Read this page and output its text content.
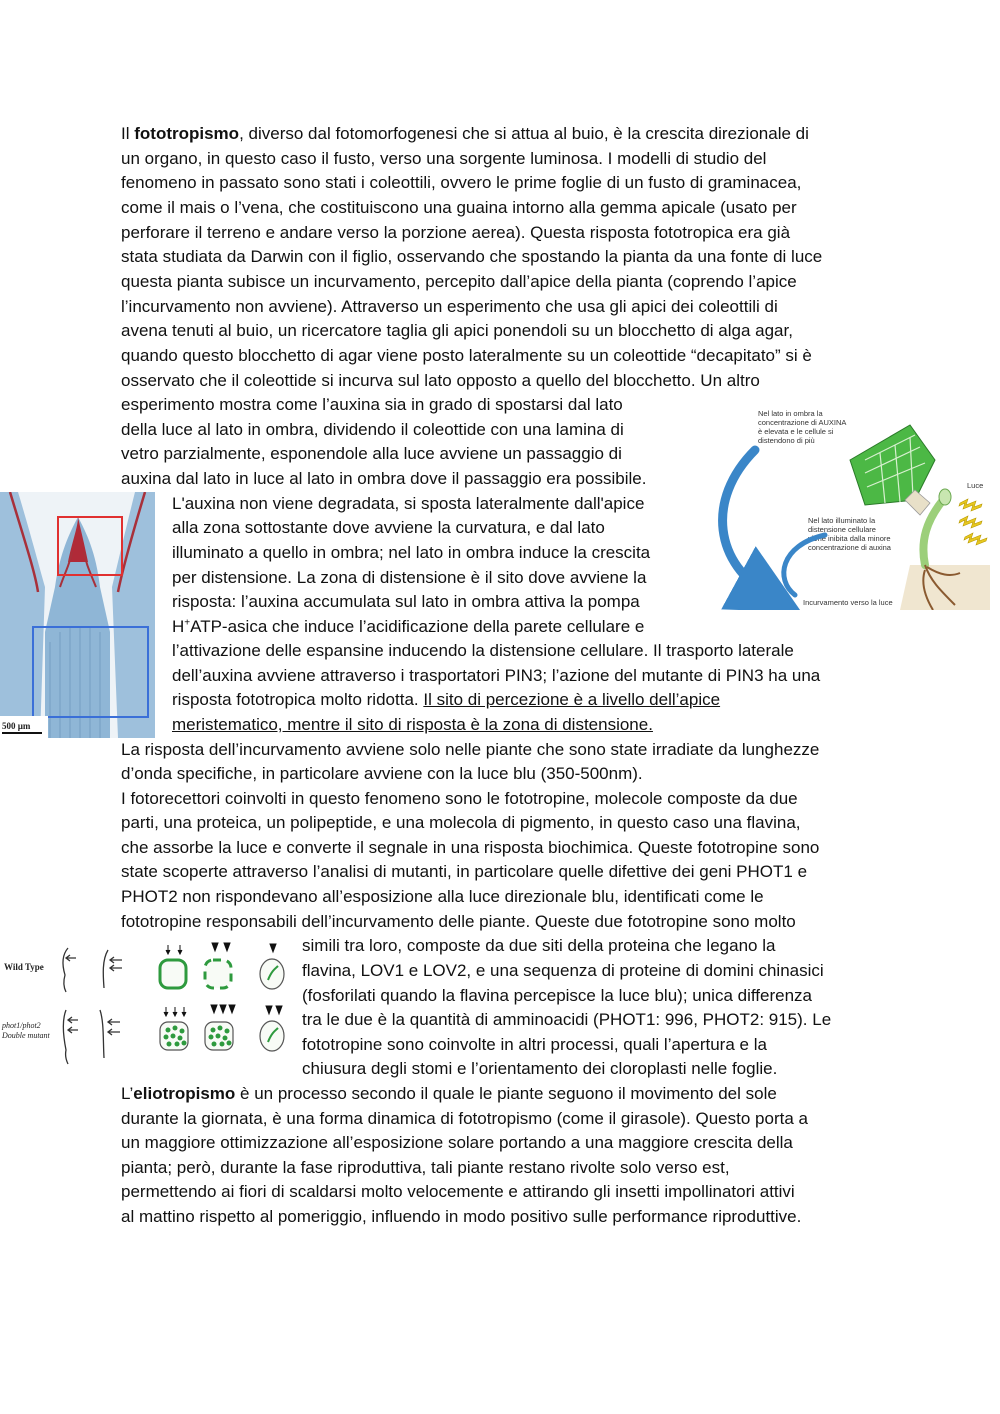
Il fototropismo, diverso dal fotomorfogenesi che si attua al buio, è la crescita direzionale di
un organo, in questo caso il fusto, verso una sorgente luminosa. I modelli di studio del
fenomeno in passato sono stati i coleottili, ovvero le prime foglie di un fusto di graminacea,
come il mais o l’vena, che costituiscono una guaina intorno alla gemma apicale (usato per
perforare il terreno e andare verso la porzione aerea). Questa risposta fototropica era già
stata studiata da Darwin con il figlio, osservando che spostando la pianta da una fonte di luce
questa pianta subisce un incurvamento, percepito dall’apice della pianta (coprendo l’apice
l’incurvamento non avviene). Attraverso un esperimento che usa gli apici dei coleottili di
avena tenuti al buio, un ricercatore taglia gli apici ponendoli su un blocchetto di alga agar,
quando questo blocchetto di agar viene posto lateralmente su un coleottide “decapitato” si è
osservato che il coleottide si incurva sul lato opposto a quello del blocchetto. Un altro
esperimento mostra come l’auxina sia in grado di spostarsi dal lato
della luce al lato in ombra, dividendo il coleottide con una lamina di
vetro parzialmente, esponendole alla luce avviene un passaggio di
auxina dal lato in luce al lato in ombra dove il passaggio era possibile.
L'auxina non viene degradata, si sposta lateralmente dall'apice
alla zona sottostante dove avviene la curvatura, e dal lato
illuminato a quello in ombra; nel lato in ombra induce la crescita
per distensione. La zona di distensione è il sito dove avviene la
risposta: l’auxina accumulata sul lato in ombra attiva la pompa
H+ATP-asica che induce l’acidificazione della parete cellulare e
l’attivazione delle espansine inducendo la distensione cellulare. Il trasporto laterale
dell’auxina avviene attraverso i trasportatori PIN3; l’azione del mutante di PIN3 ha una
risposta fototropica molto ridotta. Il sito di percezione è a livello dell’apice
meristematico, mentre il sito di risposta è la zona di distensione.
La risposta dell’incurvamento avviene solo nelle piante che sono state irradiate da lunghezze
d’onda specifiche, in particolare avviene con la luce blu (350-500nm).
I fotorecettori coinvolti in questo fenomeno sono le fototropine, molecole composte da due
parti, una proteica, un polipeptide, e una molecola di pigmento, in questo caso una flavina,
che assorbe la luce e converte il segnale in una risposta biochimica. Queste fototropine sono
state scoperte attraverso l’analisi di mutanti, in particolare quelle difettive dei geni PHOT1 e
PHOT2 non rispondevano all’esposizione alla luce direzionale blu, identificati come le
fototropine responsabili dell’incurvamento delle piante. Queste due fototropine sono molto
simili tra loro, composte da due siti della proteina che legano la
flavina, LOV1 e LOV2, e una sequenza di proteine di domini chinasici
(fosforilati quando la flavina percepisce la luce blu); unica differenza
tra le due è la quantità di amminoacidi (PHOT1: 996, PHOT2: 915). Le
fototropine sono coinvolte in altri processi, quali l’apertura e la
chiusura degli stomi e l’orientamento dei cloroplasti nelle foglie.
L’eliotropismo è un processo secondo il quale le piante seguono il movimento del sole
durante la giornata, è una forma dinamica di fototropismo (come il girasole). Questo porta a
un maggiore ottimizzazione all’esposizione solare portando a una maggiore crescita della
pianta; però, durante la fase riproduttiva, tali piante restano rivolte solo verso est,
permettendo ai fiori di scaldarsi molto velocemente e attirando gli insetti impollinatori attivi
al mattino rispetto al pomeriggio, influendo in modo positivo sulle performance riproduttive.
Nel lato in ombra la
concentrazione di AUXINA
è elevata e le cellule si
distendono di più
Luce
Nel lato illuminato la
distensione cellulare
viene inibita dalla minore
concentrazione di auxina
Incurvamento verso la luce
500 µm
Wild Type
phot1/phot2
Double mutant
